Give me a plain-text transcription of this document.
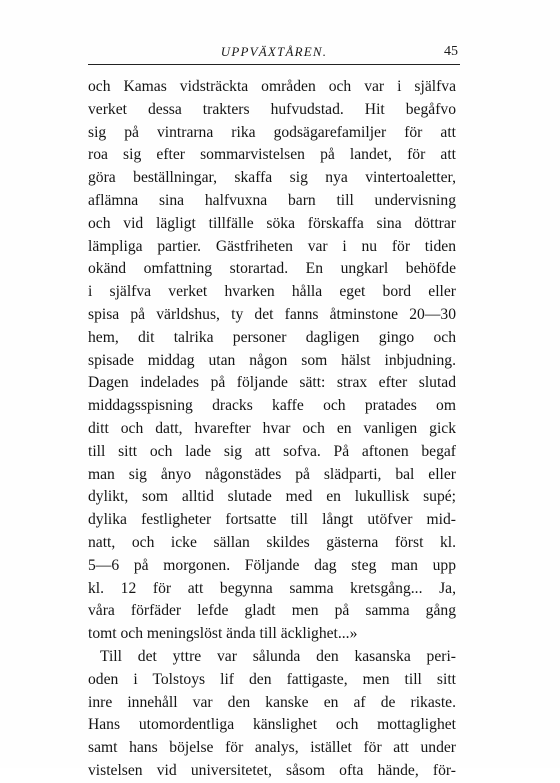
UPPVÄXTÅREN.	45
och Kamas vidsträckta områden och var i själfva
verket dessa trakters hufvudstad. Hit begåfvo
sig på vintrarna rika godsägarefamiljer för att
roa sig efter sommarvistelsen på landet, för att
göra beställningar, skaffa sig nya vintertoaletter,
aflämna sina halfvuxna barn till undervisning
och vid lägligt tillfälle söka förskaffa sina döttrar
lämpliga partier. Gästfriheten var i nu för tiden
okänd omfattning storartad. En ungkarl behöfde
i själfva verket hvarken hålla eget bord eller
spisa på världshus, ty det fanns åtminstone 20—30
hem, dit talrika personer dagligen gingo och
spisade middag utan någon som hälst inbjudning.
Dagen indelades på följande sätt: strax efter slutad
middagsspisning dracks kaffe och pratades om
ditt och datt, hvarefter hvar och en vanligen gick
till sitt och lade sig att sofva. På aftonen begaf
man sig ånyo någonstädes på slädparti, bal eller
dylikt, som alltid slutade med en lukullisk supé;
dylika festligheter fortsatte till långt utöfver mid-
natt, och icke sällan skildes gästerna först kl.
5—6 på morgonen. Följande dag steg man upp
kl. 12 för att begynna samma kretsgång... Ja,
våra förfäder lefde gladt men på samma gång
tomt och meningslöst ända till äcklighet...»
Till det yttre var sålunda den kasanska peri-
oden i Tolstoys lif den fattigaste, men till sitt
inre innehåll var den kanske en af de rikaste.
Hans utomordentliga känslighet och mottaglighet
samt hans böjelse för analys, istället för att under
vistelsen vid universitetet, såsom ofta hände, för-
